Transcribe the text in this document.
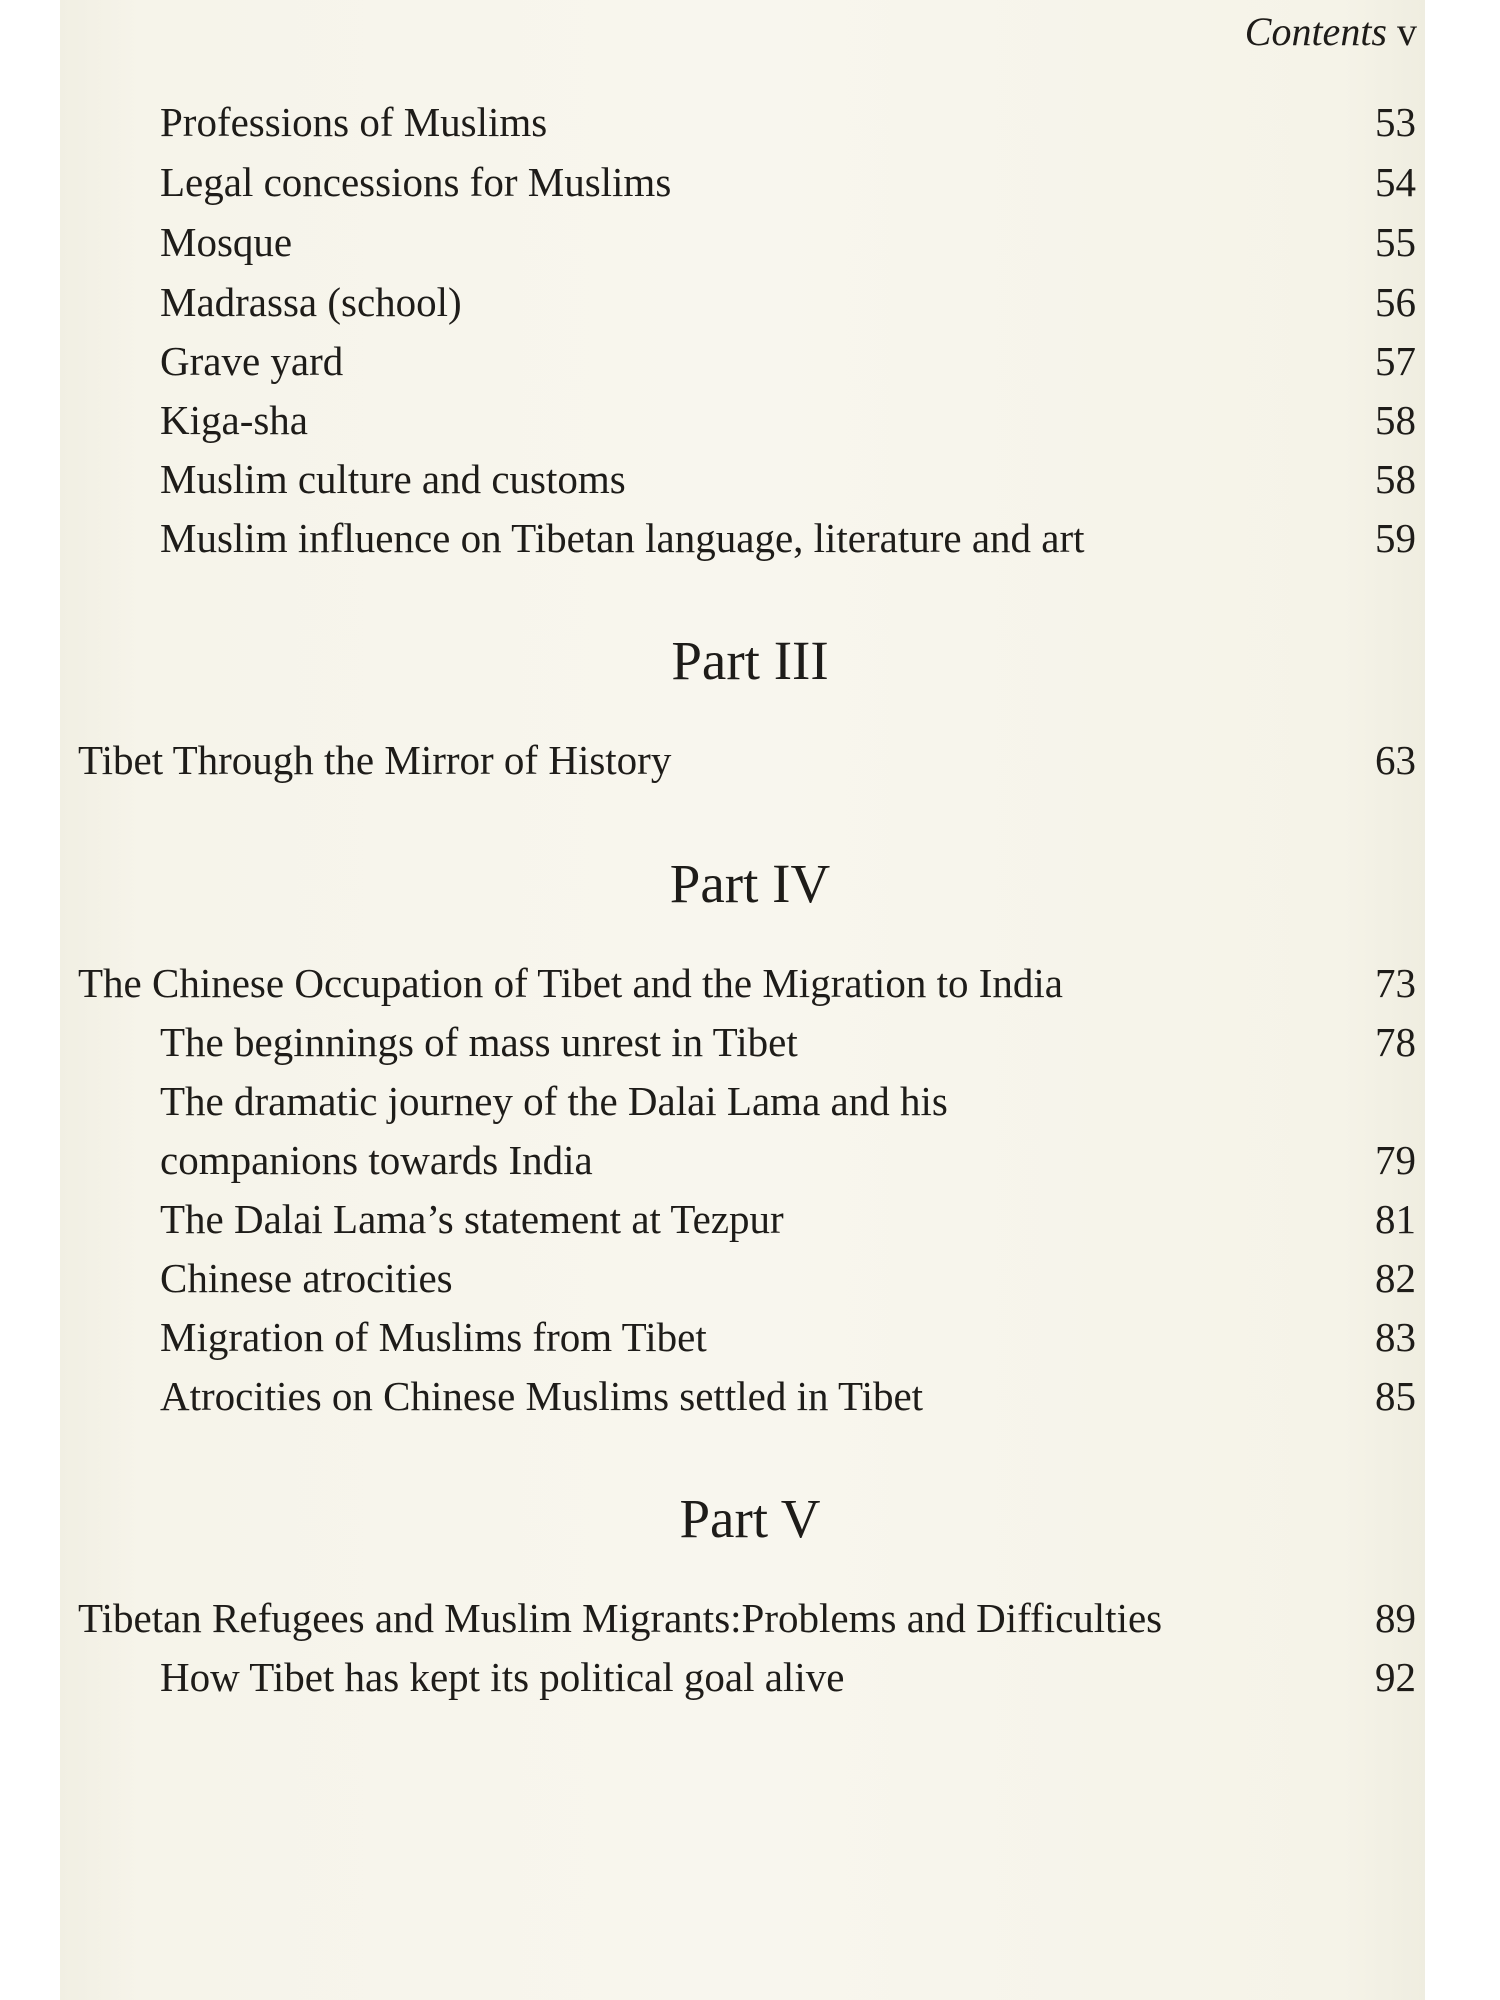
Contents v
Professions of Muslims	53
Legal concessions for Muslims	54
Mosque	55
Madrassa (school)	56
Grave yard	57
Kiga-sha	58
Muslim culture and customs	58
Muslim influence on Tibetan language, literature and art	59
Part III
Tibet Through the Mirror of History	63
Part IV
The Chinese Occupation of Tibet and the Migration to India	73
The beginnings of mass unrest in Tibet	78
The dramatic journey of the Dalai Lama and his
companions towards India	79
The Dalai Lama’s statement at Tezpur	81
Chinese atrocities	82
Migration of Muslims from Tibet	83
Atrocities on Chinese Muslims settled in Tibet	85
Part V
Tibetan Refugees and Muslim Migrants:Problems and Difficulties	89
How Tibet has kept its political goal alive	92
